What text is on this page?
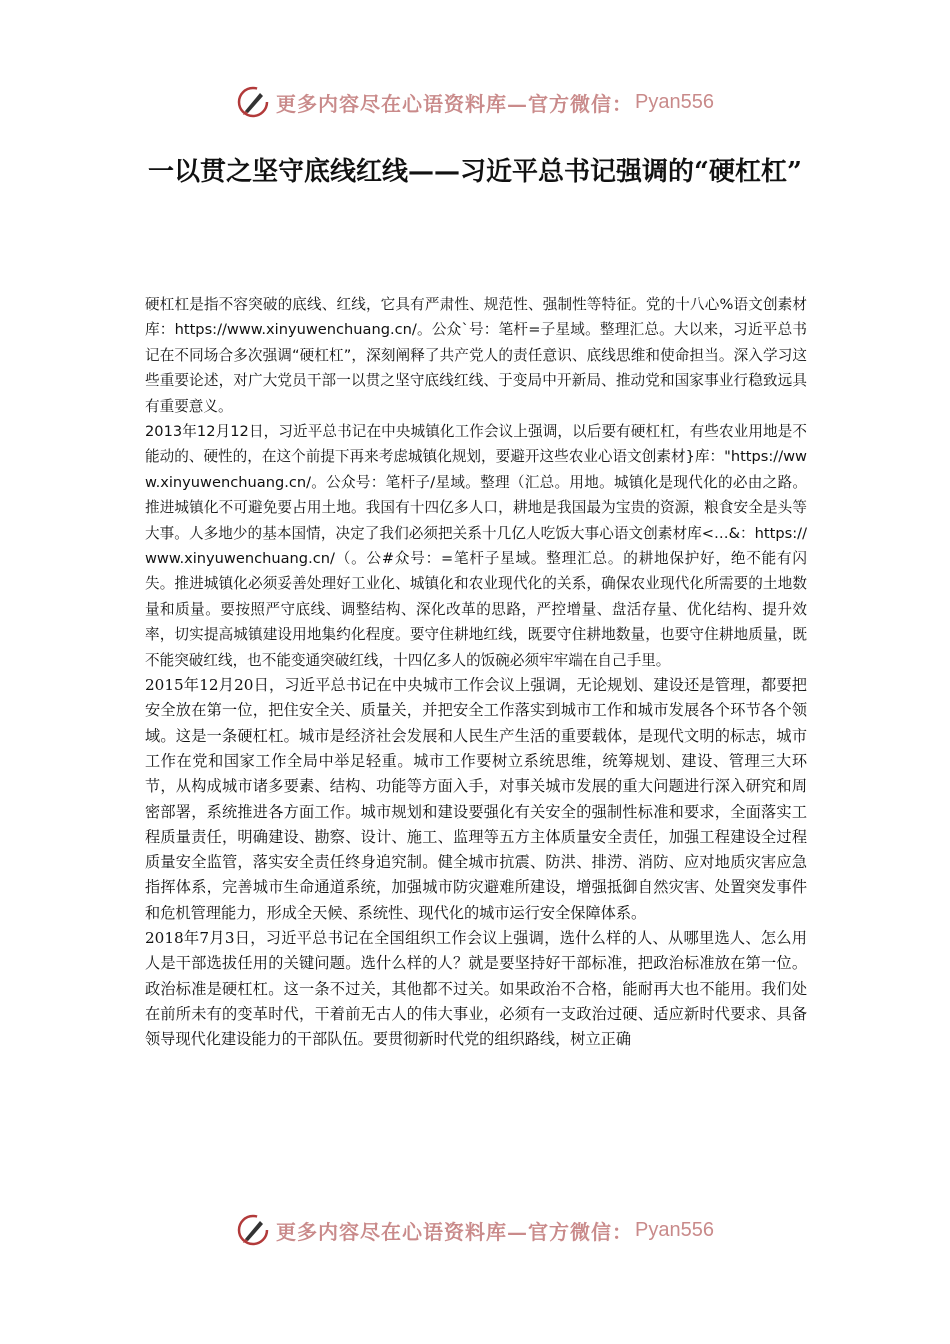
更多内容尽在心语资料库—官方微信： Pyan556
一以贯之坚守底线红线——习近平总书记强调的“硬杠杠”

硬杠杠是指不容突破的底线、红线，它具有严肃性、规范性、强制性等特征。党的十八心%语文创素材库：https://www.xinyuwenchuang.cn/。公众`号：笔杆=子星域。整理汇总。大以来，习近平总书记在不同场合多次强调“硬杠杠”，深刻阐释了共产党人的责任意识、底线思维和使命担当。深入学习这些重要论述，对广大党员干部一以贯之坚守底线红线、于变局中开新局、推动党和国家事业行稳致远具有重要意义。

2013年12月12日，习近平总书记在中央城镇化工作会议上强调，以后要有硬杠杠，有些农业用地是不能动的、硬性的，在这个前提下再来考虑城镇化规划，要避开这些农业心语文创素材}库："https://www.xinyuwenchuang.cn/。公众号：笔杆子/星域。整理（汇总。用地。城镇化是现代化的必由之路。推进城镇化不可避免要占用土地。我国有十四亿多人口，耕地是我国最为宝贵的资源，粮食安全是头等大事。人多地少的基本国情，决定了我们必须把关系十几亿人吃饭大事心语文创素材库<…&：https://www.xinyuwenchuang.cn/（。公#众号：=笔杆子星域。整理汇总。的耕地保护好，绝不能有闪失。推进城镇化必须妥善处理好工业化、城镇化和农业现代化的关系，确保农业现代化所需要的土地数量和质量。要按照严守底线、调整结构、深化改革的思路，严控增量、盘活存量、优化结构、提升效率，切实提高城镇建设用地集约化程度。要守住耕地红线，既要守住耕地数量，也要守住耕地质量，既不能突破红线，也不能变通突破红线，十四亿多人的饭碗必须牢牢端在自己手里。

2015年12月20日，习近平总书记在中央城市工作会议上强调，无论规划、建设还是管理，都要把安全放在第一位，把住安全关、质量关，并把安全工作落实到城市工作和城市发展各个环节各个领域。这是一条硬杠杠。城市是经济社会发展和人民生产生活的重要载体，是现代文明的标志，城市工作在党和国家工作全局中举足轻重。城市工作要树立系统思维，统筹规划、建设、管理三大环节，从构成城市诸多要素、结构、功能等方面入手，对事关城市发展的重大问题进行深入研究和周密部署，系统推进各方面工作。城市规划和建设要强化有关安全的强制性标准和要求，全面落实工程质量责任，明确建设、勘察、设计、施工、监理等五方主体质量安全责任，加强工程建设全过程质量安全监管，落实安全责任终身追究制。健全城市抗震、防洪、排涝、消防、应对地质灾害应急指挥体系，完善城市生命通道系统，加强城市防灾避难所建设，增强抵御自然灾害、处置突发事件和危机管理能力，形成全天候、系统性、现代化的城市运行安全保障体系。

2018年7月3日，习近平总书记在全国组织工作会议上强调，选什么样的人、从哪里选人、怎么用人是干部选拔任用的关键问题。选什么样的人？就是要坚持好干部标准，把政治标准放在第一位。政治标准是硬杠杠。这一条不过关，其他都不过关。如果政治不合格，能耐再大也不能用。我们处在前所未有的变革时代，干着前无古人的伟大事业，必须有一支政治过硬、适应新时代要求、具备领导现代化建设能力的干部队伍。要贯彻新时代党的组织路线，树立正确

更多内容尽在心语资料库—官方微信： Pyan556
